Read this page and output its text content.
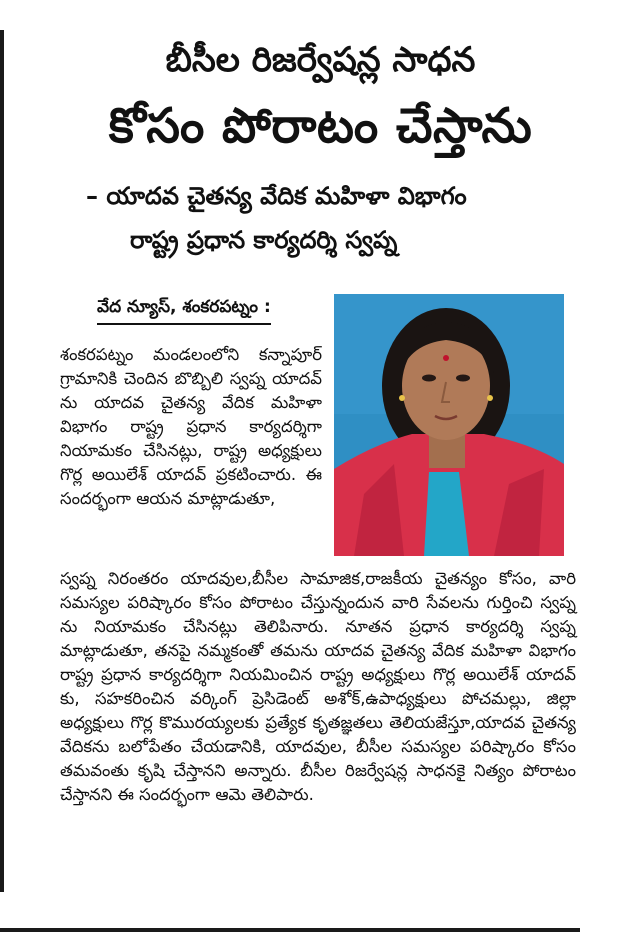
బీసీల రిజర్వేషన్ల సాధన
కోసం పోరాటం చేస్తాను
– యాదవ చైతన్య వేదిక మహిళా విభాగం
రాష్ట్ర ప్రధాన కార్యదర్శి స్వప్న
వేద న్యూస్, శంకరపట్నం :
శంకరపట్నం మండలంలోని కన్నాపూర్ గ్రామానికి చెందిన బొబ్బిలి స్వప్న యాదవ్ ను యాదవ చైతన్య వేదిక మహిళా విభాగం రాష్ట్ర ప్రధాన కార్యదర్శిగా నియామకం చేసినట్లు, రాష్ట్ర అధ్యక్షులు గొర్ల అయిలేశ్ యాదవ్ ప్రకటించారు. ఈ సందర్భంగా ఆయన మాట్లాడుతూ,
స్వప్న నిరంతరం యాదవుల,బీసీల సామాజిక,రాజకీయ చైతన్యం కోసం, వారి సమస్యల పరిష్కారం కోసం పోరాటం చేస్తున్నందున వారి సేవలను గుర్తించి స్వప్న ను నియామకం చేసినట్లు తెలిపినారు. నూతన ప్రధాన కార్యదర్శి స్వప్న మాట్లాడుతూ, తనపై నమ్మకంతో తమను యాదవ చైతన్య వేదిక మహిళా విభాగం రాష్ట్ర ప్రధాన కార్యదర్శిగా నియమించిన రాష్ట్ర అధ్యక్షులు గొర్ల అయిలేశ్ యాదవ్ కు, సహకరించిన వర్కింగ్ ప్రెసిడెంట్ అశోక్,ఉపాధ్యక్షులు పోచమల్లు, జిల్లా అధ్యక్షులు గొర్ల కొమురయ్యలకు ప్రత్యేక కృతజ్ఞతలు తెలియజేస్తూ,యాదవ చైతన్య వేదికను బలోపేతం చేయడానికి, యాదవుల, బీసీల సమస్యల పరిష్కారం కోసం తమవంతు కృషి చేస్తానని అన్నారు. బీసీల రిజర్వేషన్ల సాధనకై నిత్యం పోరాటం చేస్తానని ఈ సందర్భంగా ఆమె తెలిపారు.
